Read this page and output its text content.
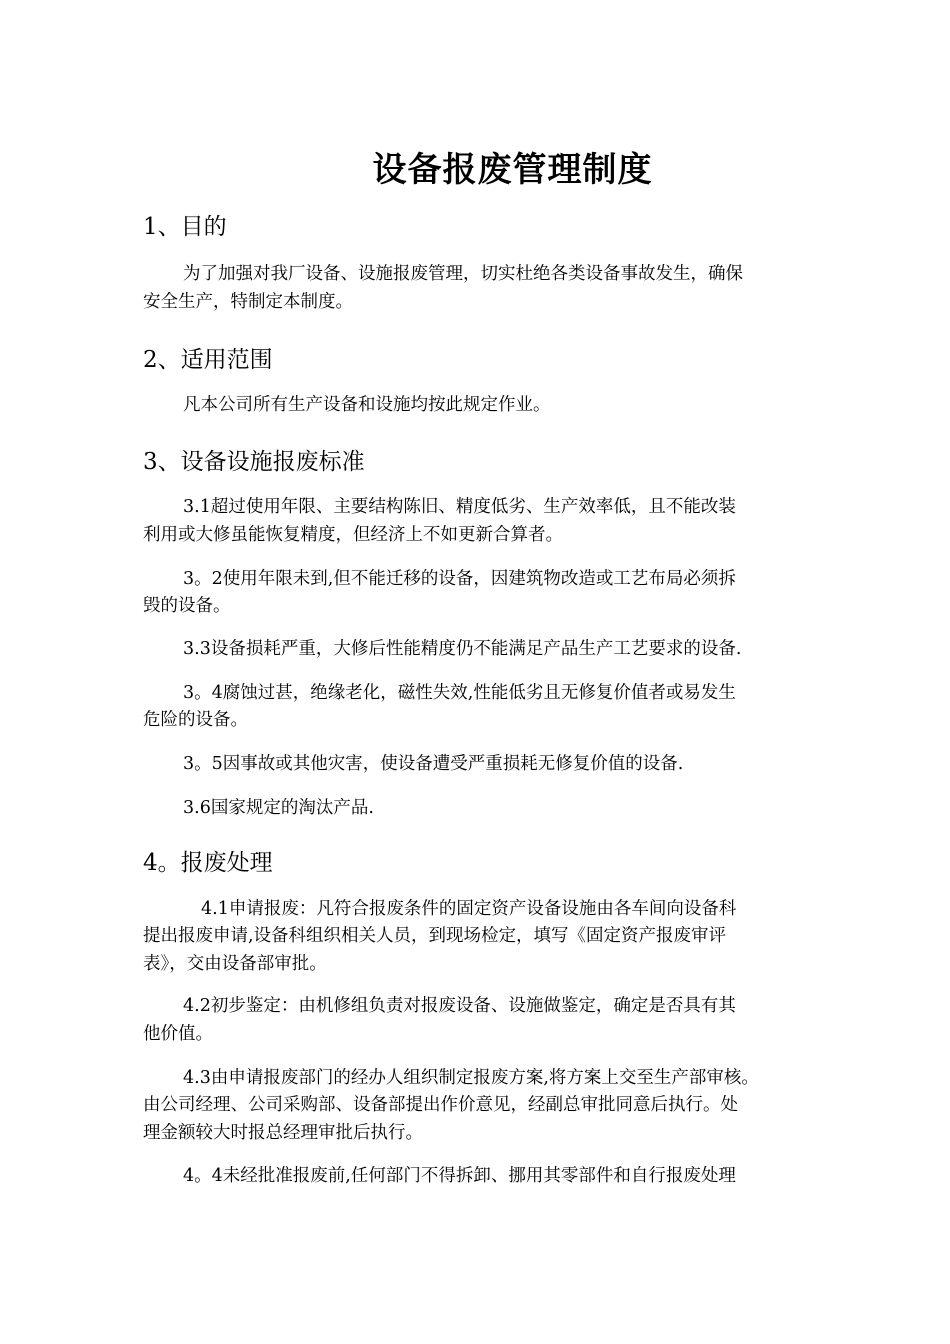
设备报废管理制度
1、目的
为了加强对我厂设备、设施报废管理，切实杜绝各类设备事故发生，确保
安全生产，特制定本制度。
2、适用范围
凡本公司所有生产设备和设施均按此规定作业。
3、设备设施报废标准
3.1超过使用年限、主要结构陈旧、精度低劣、生产效率低，且不能改装
利用或大修虽能恢复精度，但经济上不如更新合算者。
3。2使用年限未到,但不能迁移的设备，因建筑物改造或工艺布局必须拆
毁的设备。
3.3设备损耗严重，大修后性能精度仍不能满足产品生产工艺要求的设备.
3。4腐蚀过甚，绝缘老化，磁性失效,性能低劣且无修复价值者或易发生
危险的设备。
3。5因事故或其他灾害，使设备遭受严重损耗无修复价值的设备.
3.6国家规定的淘汰产品.
4。报废处理
4.1申请报废：凡符合报废条件的固定资产设备设施由各车间向设备科
提出报废申请,设备科组织相关人员，到现场检定，填写《固定资产报废审评
表》，交由设备部审批。
4.2初步鉴定：由机修组负责对报废设备、设施做鉴定，确定是否具有其
他价值。
4.3由申请报废部门的经办人组织制定报废方案,将方案上交至生产部审核。
由公司经理、公司采购部、设备部提出作价意见，经副总审批同意后执行。处
理金额较大时报总经理审批后执行。
4。4未经批准报废前,任何部门不得拆卸、挪用其零部件和自行报废处理
